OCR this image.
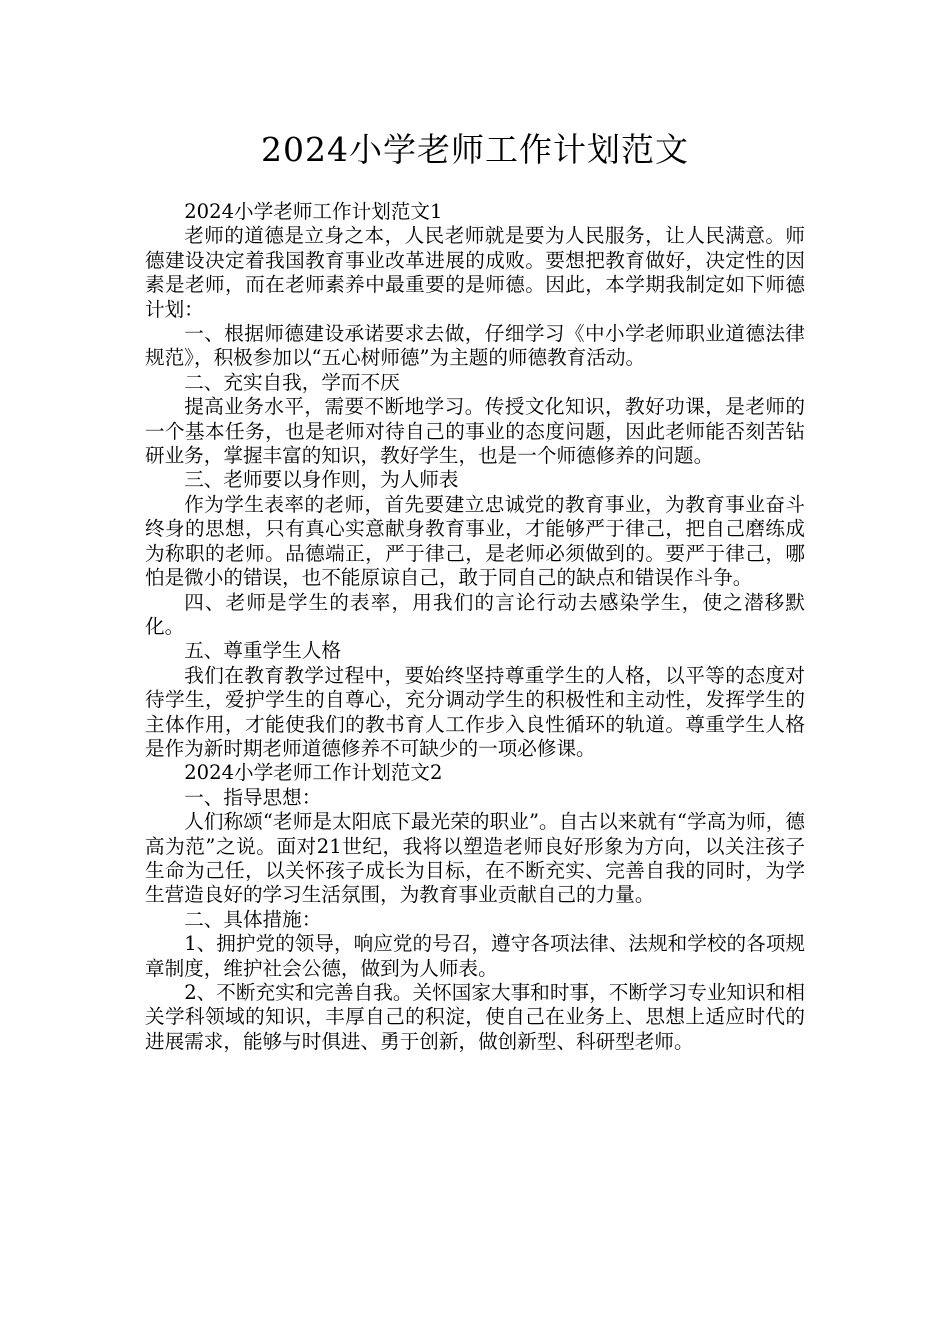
2024小学老师工作计划范文

2024小学老师工作计划范文1

老师的道德是立身之本，人民老师就是要为人民服务，让人民满意。师德建设决定着我国教育事业改革进展的成败。要想把教育做好，决定性的因素是老师，而在老师素养中最重要的是师德。因此，本学期我制定如下师德计划：

一、根据师德建设承诺要求去做，仔细学习《中小学老师职业道德法律规范》，积极参加以“五心树师德”为主题的师德教育活动。

二、充实自我，学而不厌

提高业务水平，需要不断地学习。传授文化知识，教好功课，是老师的一个基本任务，也是老师对待自己的事业的态度问题，因此老师能否刻苦钻研业务，掌握丰富的知识，教好学生，也是一个师德修养的问题。

三、老师要以身作则，为人师表

作为学生表率的老师，首先要建立忠诚党的教育事业，为教育事业奋斗终身的思想，只有真心实意献身教育事业，才能够严于律己，把自己磨练成为称职的老师。品德端正，严于律己，是老师必须做到的。要严于律己，哪怕是微小的错误，也不能原谅自己，敢于同自己的缺点和错误作斗争。

四、老师是学生的表率，用我们的言论行动去感染学生，使之潜移默化。

五、尊重学生人格

我们在教育教学过程中，要始终坚持尊重学生的人格，以平等的态度对待学生，爱护学生的自尊心，充分调动学生的积极性和主动性，发挥学生的主体作用，才能使我们的教书育人工作步入良性循环的轨道。尊重学生人格是作为新时期老师道德修养不可缺少的一项必修课。

2024小学老师工作计划范文2

一、指导思想：

人们称颂“老师是太阳底下最光荣的职业”。自古以来就有“学高为师，德高为范”之说。面对21世纪，我将以塑造老师良好形象为方向，以关注孩子生命为己任，以关怀孩子成长为目标，在不断充实、完善自我的同时，为学生营造良好的学习生活氛围，为教育事业贡献自己的力量。

二、具体措施：

1、拥护党的领导，响应党的号召，遵守各项法律、法规和学校的各项规章制度，维护社会公德，做到为人师表。

2、不断充实和完善自我。关怀国家大事和时事，不断学习专业知识和相关学科领域的知识，丰厚自己的积淀，使自己在业务上、思想上适应时代的进展需求，能够与时俱进、勇于创新，做创新型、科研型老师。
